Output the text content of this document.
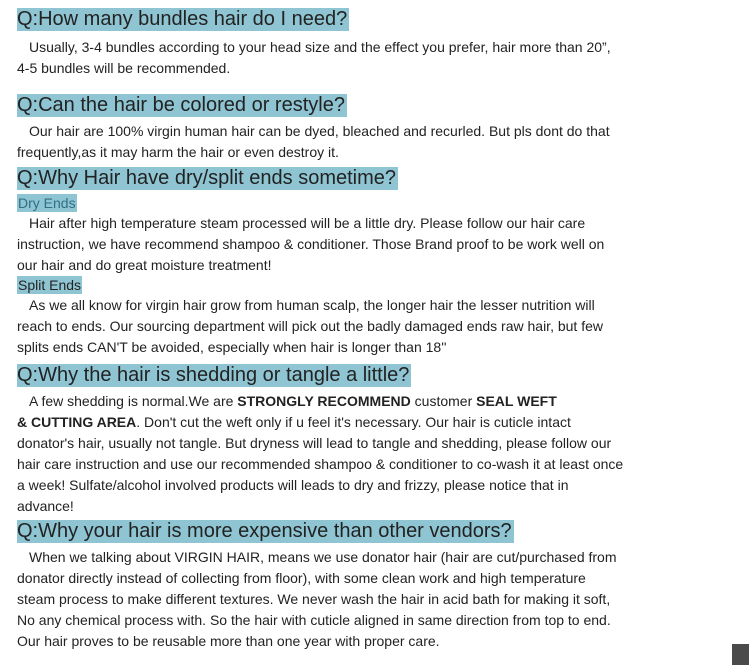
Q:How many bundles hair do I need?

Usually, 3-4 bundles according to your head size and the effect you prefer, hair more than 20”,

4-5 bundles will be recommended.

Q:Can the hair be colored or restyle?

Our hair are 100% virgin human hair can be dyed, bleached and recurled. But pls dont do that

frequently,as it may harm the hair or even destroy it.

Q:Why Hair have dry/split ends sometime?
Dry Ends

Hair after high temperature steam processed will be a little dry. Please follow our hair care

instruction, we have recommend shampoo & conditioner. Those Brand proof to be work well on

our hair and do great moisture treatment!

Split Ends

As we all know for virgin hair grow from human scalp, the longer hair the lesser nutrition will

reach to ends. Our sourcing department will pick out the badly damaged ends raw hair, but few

splits ends CAN'T be avoided, especially when hair is longer than 18''

Q:Why the hair is shedding or tangle a little?

A few shedding is normal.We are STRONGLY RECOMMEND customer SEAL WEFT

& CUTTING AREA. Don't cut the weft only if u feel it's necessary. Our hair is cuticle intact

donator's hair, usually not tangle. But dryness will lead to tangle and shedding, please follow our

hair care instruction and use our recommended shampoo & conditioner to co-wash it at least once

a week! Sulfate/alcohol involved products will leads to dry and frizzy, please notice that in

advance!

Q:Why your hair is more expensive than other vendors?

When we talking about VIRGIN HAIR, means we use donator hair (hair are cut/purchased from

donator directly instead of collecting from floor), with some clean work and high temperature

steam process to make different textures. We never wash the hair in acid bath for making it soft,

No any chemical process with. So the hair with cuticle aligned in same direction from top to end.

Our hair proves to be reusable more than one year with proper care.
